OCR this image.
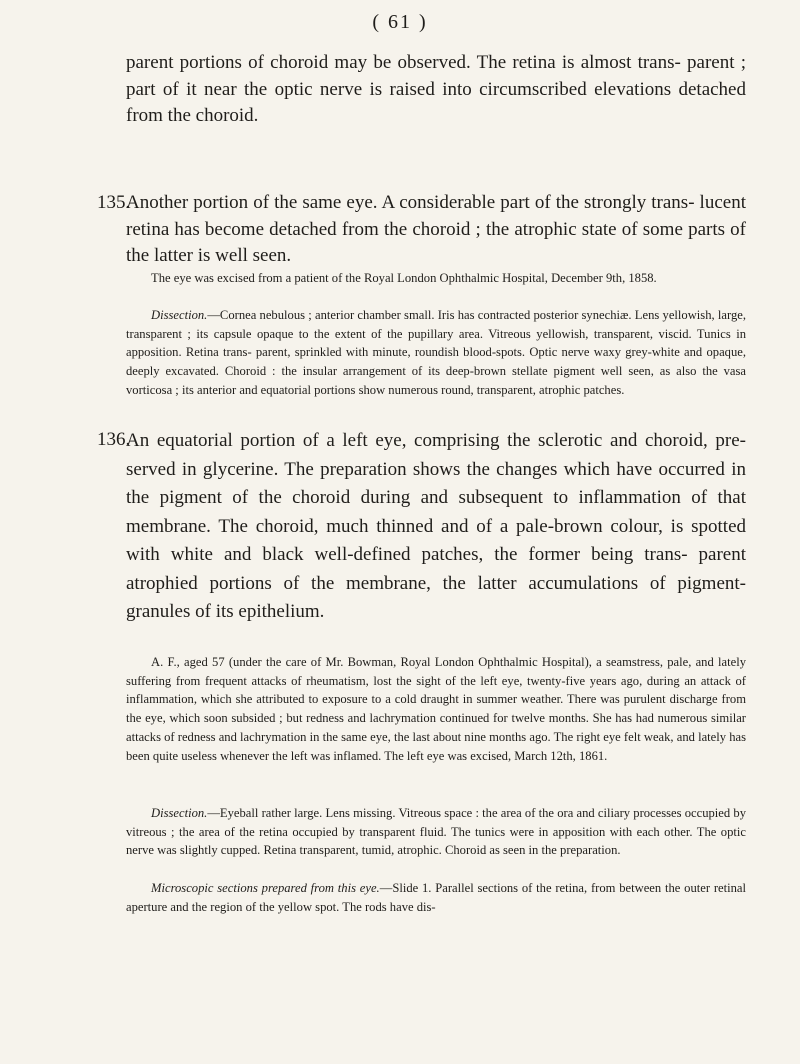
( 61 )

parent portions of choroid may be observed. The retina is almost trans- parent ; part of it near the optic nerve is raised into circumscribed elevations detached from the choroid.

135.

Another portion of the same eye. A considerable part of the strongly trans- lucent retina has become detached from the choroid ; the atrophic state of some parts of the latter is well seen.

The eye was excised from a patient of the Royal London Ophthalmic Hospital, December 9th, 1858.

Dissection.—Cornea nebulous ; anterior chamber small. Iris has contracted posterior synechiæ. Lens yellowish, large, transparent ; its capsule opaque to the extent of the pupillary area. Vitreous yellowish, transparent, viscid. Tunics in apposition. Retina trans- parent, sprinkled with minute, roundish blood-spots. Optic nerve waxy grey-white and opaque, deeply excavated. Choroid : the insular arrangement of its deep-brown stellate pigment well seen, as also the vasa vorticosa ; its anterior and equatorial portions show numerous round, transparent, atrophic patches.

136.

An equatorial portion of a left eye, comprising the sclerotic and choroid, pre- served in glycerine. The preparation shows the changes which have occurred in the pigment of the choroid during and subsequent to inflammation of that membrane. The choroid, much thinned and of a pale-brown colour, is spotted with white and black well-defined patches, the former being trans- parent atrophied portions of the membrane, the latter accumulations of pigment-granules of its epithelium.

A. F., aged 57 (under the care of Mr. Bowman, Royal London Ophthalmic Hospital), a seamstress, pale, and lately suffering from frequent attacks of rheumatism, lost the sight of the left eye, twenty-five years ago, during an attack of inflammation, which she attributed to exposure to a cold draught in summer weather. There was purulent discharge from the eye, which soon subsided ; but redness and lachrymation continued for twelve months. She has had numerous similar attacks of redness and lachrymation in the same eye, the last about nine months ago. The right eye felt weak, and lately has been quite useless whenever the left was inflamed. The left eye was excised, March 12th, 1861.

Dissection.—Eyeball rather large. Lens missing. Vitreous space : the area of the ora and ciliary processes occupied by vitreous ; the area of the retina occupied by transparent fluid. The tunics were in apposition with each other. The optic nerve was slightly cupped. Retina transparent, tumid, atrophic. Choroid as seen in the preparation.

Microscopic sections prepared from this eye.—Slide 1. Parallel sections of the retina, from between the outer retinal aperture and the region of the yellow spot. The rods have dis-
